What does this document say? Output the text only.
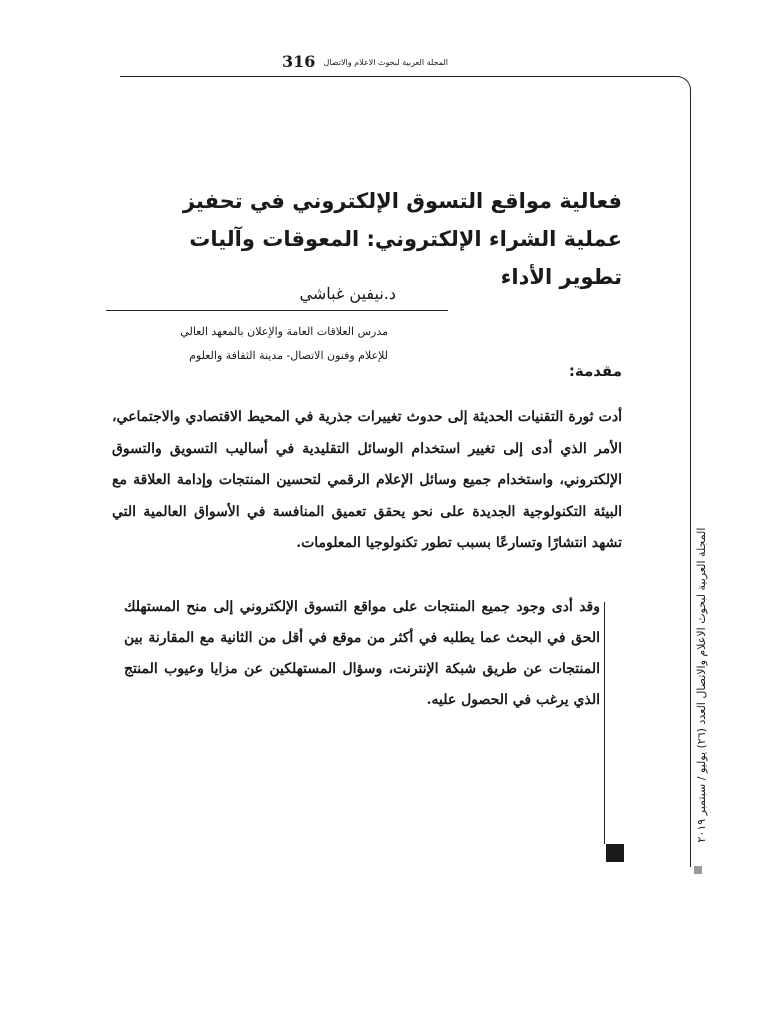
316	المجلة العربية لبحوث الاعلام والاتصال
فعالية مواقع التسوق الإلكتروني في تحفيز عملية الشراء الإلكتروني: المعوقات وآليات تطوير الأداء
د.نيفين غباشي
مدرس العلاقات العامة والإعلان بالمعهد العالي
للإعلام وفنون الاتصال- مدينة الثقافة والعلوم
مقدمة:

أدت ثورة التقنيات الحديثة إلى حدوث تغييرات جذرية في المحيط الاقتصادي والاجتماعي، الأمر الذي أدى إلى تغيير استخدام الوسائل التقليدية في أساليب التسويق والتسوق الإلكتروني، واستخدام جميع وسائل الإعلام الرقمي لتحسين المنتجات وإدامة العلاقة مع البيئة التكنولوجية الجديدة على نحو يحقق تعميق المنافسة في الأسواق العالمية التي تشهد انتشارًا وتسارعًا بسبب تطور تكنولوجيا المعلومات.

وقد أدى وجود جميع المنتجات على مواقع التسوق الإلكتروني إلى منح المستهلك الحق في البحث عما يطلبه في أكثر من موقع في أقل من الثانية مع المقارنة بين المنتجات عن طريق شبكة الإنترنت، وسؤال المستهلكين عن مزايا وعيوب المنتج الذي يرغب في الحصول عليه.

المجلة العربية لبحوث الاعلام والاتصال العدد (٢٦) يوليو / سبتمبر ٢٠١٩
